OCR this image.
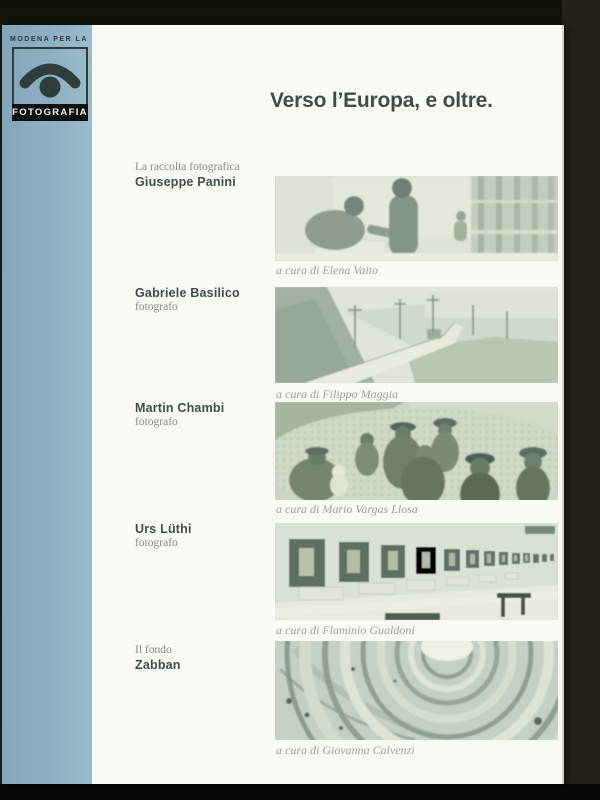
MODENA PER LA
FOTOGRAFIA
Verso l’Europa, e oltre.
La raccolta fotografica
Giuseppe Panini
a cura di Elena Vaito
Gabriele Basilico
fotografo
a cura di Filippo Maggia
Martin Chambi
fotografo
a cura di Mario Vargas Llosa
Urs Lüthi
fotografo
a cura di Flaminio Gualdoni
Il fondo
Zabban
a cura di Giovanna Calvenzi
